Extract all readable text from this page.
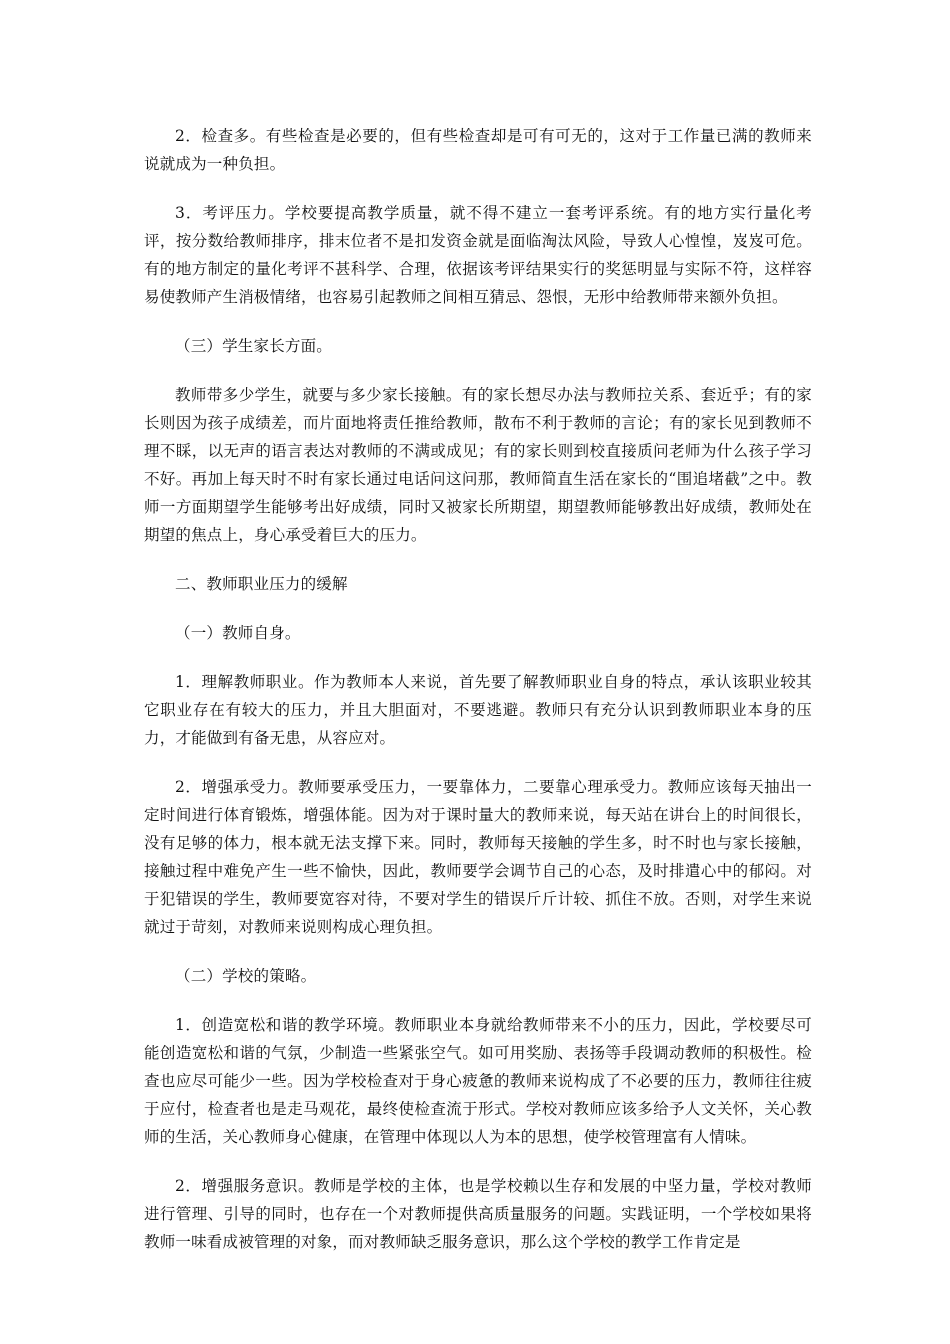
2．检查多。有些检查是必要的，但有些检查却是可有可无的，这对于工作量已满的教师来说就成为一种负担。

3．考评压力。学校要提高教学质量，就不得不建立一套考评系统。有的地方实行量化考评，按分数给教师排序，排末位者不是扣发资金就是面临淘汰风险，导致人心惶惶，岌岌可危。有的地方制定的量化考评不甚科学、合理，依据该考评结果实行的奖惩明显与实际不符，这样容易使教师产生消极情绪，也容易引起教师之间相互猜忌、怨恨，无形中给教师带来额外负担。

（三）学生家长方面。

教师带多少学生，就要与多少家长接触。有的家长想尽办法与教师拉关系、套近乎；有的家长则因为孩子成绩差，而片面地将责任推给教师，散布不利于教师的言论；有的家长见到教师不理不睬，以无声的语言表达对教师的不满或成见；有的家长则到校直接质问老师为什么孩子学习不好。再加上每天时不时有家长通过电话问这问那，教师简直生活在家长的“围追堵截”之中。教师一方面期望学生能够考出好成绩，同时又被家长所期望，期望教师能够教出好成绩，教师处在期望的焦点上，身心承受着巨大的压力。

二、教师职业压力的缓解

（一）教师自身。

1．理解教师职业。作为教师本人来说，首先要了解教师职业自身的特点，承认该职业较其它职业存在有较大的压力，并且大胆面对，不要逃避。教师只有充分认识到教师职业本身的压力，才能做到有备无患，从容应对。

2．增强承受力。教师要承受压力，一要靠体力，二要靠心理承受力。教师应该每天抽出一定时间进行体育锻炼，增强体能。因为对于课时量大的教师来说，每天站在讲台上的时间很长，没有足够的体力，根本就无法支撑下来。同时，教师每天接触的学生多，时不时也与家长接触，接触过程中难免产生一些不愉快，因此，教师要学会调节自己的心态，及时排遣心中的郁闷。对于犯错误的学生，教师要宽容对待，不要对学生的错误斤斤计较、抓住不放。否则，对学生来说就过于苛刻，对教师来说则构成心理负担。

（二）学校的策略。

1．创造宽松和谐的教学环境。教师职业本身就给教师带来不小的压力，因此，学校要尽可能创造宽松和谐的气氛，少制造一些紧张空气。如可用奖励、表扬等手段调动教师的积极性。检查也应尽可能少一些。因为学校检查对于身心疲惫的教师来说构成了不必要的压力，教师往往疲于应付，检查者也是走马观花，最终使检查流于形式。学校对教师应该多给予人文关怀，关心教师的生活，关心教师身心健康，在管理中体现以人为本的思想，使学校管理富有人情味。

2．增强服务意识。教师是学校的主体，也是学校赖以生存和发展的中坚力量，学校对教师进行管理、引导的同时，也存在一个对教师提供高质量服务的问题。实践证明，一个学校如果将教师一味看成被管理的对象，而对教师缺乏服务意识，那么这个学校的教学工作肯定是
